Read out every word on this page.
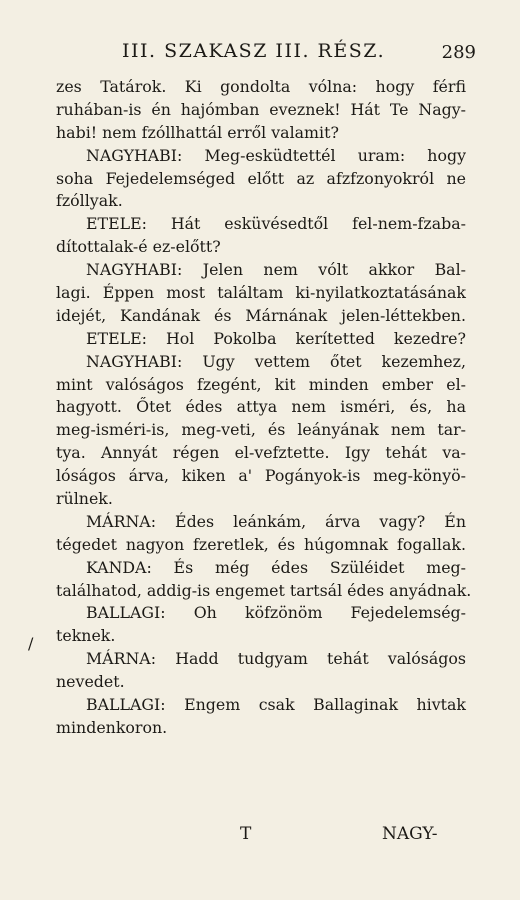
III. SZAKASZ III. RÉSZ.	289
zes Tatárok. Ki gondolta vólna: hogy férfi
ruhában-is én hajómban eveznek! Hát Te Nagy-
habi! nem fzóllhattál erről valamit?
NAGYHABI: Meg-esküdtettél uram: hogy
soha Fejedelemséged előtt az afzfzonyokról ne
fzóllyak.
ETELE: Hát esküvésedtől fel-nem-fzaba-
dítottalak-é ez-előtt?
NAGYHABI: Jelen nem vólt akkor Bal-
lagi. Éppen most találtam ki-nyilatkoztatásának
idejét, Kandának és Márnának jelen-léttekben.
ETELE: Hol Pokolba kerítetted kezedre?
NAGYHABI: Ugy vettem őtet kezemhez,
mint valóságos fzegént, kit minden ember el-
hagyott. Őtet édes attya nem isméri, és, ha
meg-isméri-is, meg-veti, és leányának nem tar-
tya. Annyát régen el-vefztette. Igy tehát va-
lóságos árva, kiken a' Pogányok-is meg-könyö-
rülnek.
MÁRNA: Édes leánkám, árva vagy? Én
tégedet nagyon fzeretlek, és húgomnak fogallak.
KANDA: És még édes Szüléidet meg-
találhatod, addig-is engemet tartsál édes anyádnak.
BALLAGI: Oh köfzönöm Fejedelemség-
teknek.
MÁRNA: Hadd tudgyam tehát valóságos
nevedet.
BALLAGI: Engem csak Ballaginak hivtak
mindenkoron.
/
T	NAGY-
